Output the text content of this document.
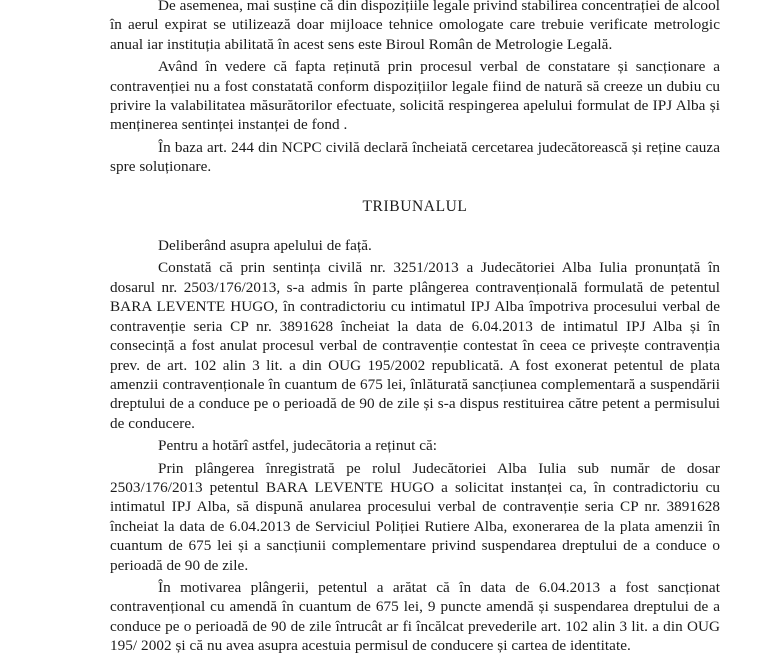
De asemenea, mai susține că din dispozițiile legale privind stabilirea concentrației de alcool în aerul expirat se utilizează doar mijloace tehnice omologate care trebuie verificate metrologic anual iar instituția abilitată în acest sens este Biroul Român de Metrologie Legală.

Având în vedere că fapta reținută prin procesul verbal de constatare și sancționare a contravenției nu a fost constatată conform dispozițiilor legale fiind de natură să creeze un dubiu cu privire la valabilitatea măsurătorilor efectuate, solicită respingerea apelului formulat de IPJ Alba și menținerea sentinței instanței de fond .

În baza art. 244 din NCPC civilă declară încheiată cercetarea judecătorească și reține cauza spre soluționare.

TRIBUNALUL

Deliberând asupra apelului de față.

Constată că prin sentința civilă nr. 3251/2013 a Judecătoriei Alba Iulia pronunțată în dosarul nr. 2503/176/2013, s-a admis în parte plângerea contravențională formulată de petentul BARA LEVENTE HUGO, în contradictoriu cu intimatul IPJ Alba împotriva procesului verbal de contravenție seria CP nr. 3891628 încheiat la data de 6.04.2013 de intimatul IPJ Alba și în consecință a fost anulat procesul verbal de contravenție contestat în ceea ce privește contravenția prev. de art. 102 alin 3 lit. a din OUG 195/2002 republicată. A fost exonerat petentul de plata amenzii contravenționale în cuantum de 675 lei, înlăturată sancțiunea complementară a suspendării dreptului de a conduce pe o perioadă de 90 de zile și s-a dispus restituirea către petent a permisului de conducere.

Pentru a hotărî astfel, judecătoria a reținut că:

Prin plângerea înregistrată pe rolul Judecătoriei Alba Iulia sub număr de dosar 2503/176/2013 petentul BARA LEVENTE HUGO a solicitat instanței ca, în contradictoriu cu intimatul IPJ Alba, să dispună anularea procesului verbal de contravenție seria CP nr. 3891628 încheiat la data de 6.04.2013 de Serviciul Poliției Rutiere Alba, exonerarea de la plata amenzii în cuantum de 675 lei și a sancțiunii complementare privind suspendarea dreptului de a conduce o perioadă de 90 de zile.

În motivarea plângerii, petentul a arătat că în data de 6.04.2013 a fost sancționat contravențional cu amendă în cuantum de 675 lei, 9 puncte amendă și suspendarea dreptului de a conduce pe o perioadă de 90 de zile întrucât ar fi încălcat prevederile art. 102 alin 3 lit. a din OUG 195/ 2002 și că nu avea asupra acestuia permisul de conducere și cartea de identitate.
